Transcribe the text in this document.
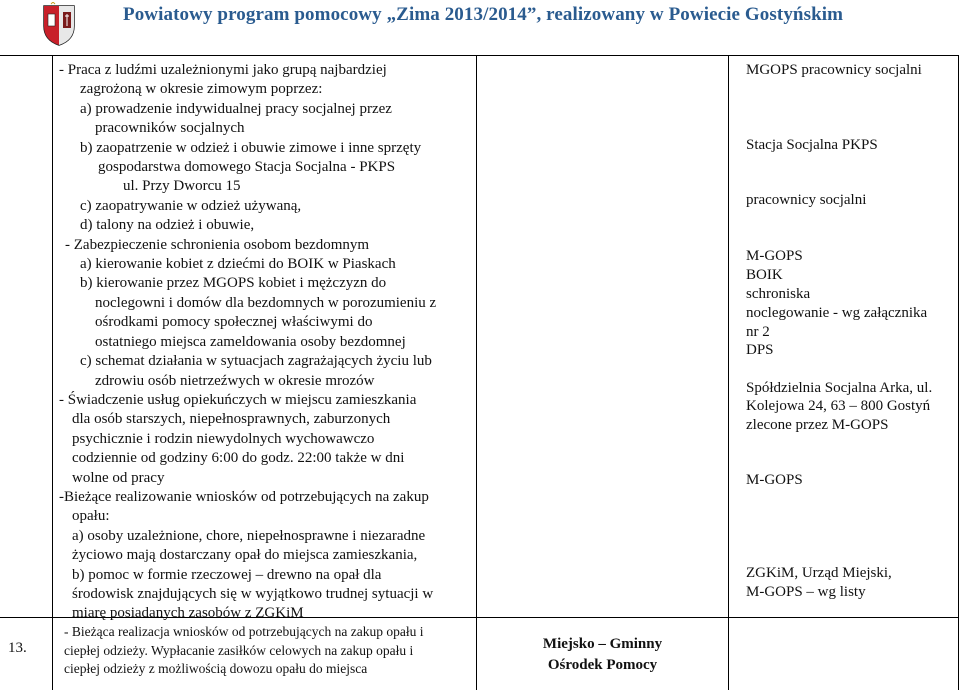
Powiatowy program pomocowy „Zima 2013/2014”, realizowany w Powiecie Gostyńskim

- Praca z ludźmi uzależnionymi jako grupą najbardziej

zagrożoną w okresie zimowym poprzez:

a) prowadzenie indywidualnej pracy socjalnej przez

pracowników socjalnych

b) zaopatrzenie w odzież i obuwie zimowe i inne sprzęty

gospodarstwa domowego Stacja Socjalna - PKPS

ul. Przy Dworcu 15

c) zaopatrywanie w odzież używaną,

d) talony na odzież i obuwie,

- Zabezpieczenie schronienia osobom bezdomnym

a) kierowanie kobiet z dziećmi do BOIK w Piaskach

b) kierowanie przez MGOPS kobiet i mężczyzn do

noclegowni i domów dla bezdomnych w porozumieniu z

ośrodkami pomocy społecznej właściwymi do

ostatniego miejsca zameldowania osoby bezdomnej

c) schemat działania w sytuacjach zagrażających życiu lub

zdrowiu osób nietrzeźwych w okresie mrozów

- Świadczenie usług opiekuńczych w miejscu zamieszkania

dla osób starszych, niepełnosprawnych, zaburzonych

psychicznie i rodzin niewydolnych wychowawczo

codziennie od godziny 6:00 do godz. 22:00 także w dni

wolne od pracy

-Bieżące realizowanie wniosków od potrzebujących na zakup

opału:

a) osoby uzależnione, chore, niepełnosprawne i niezaradne

życiowo mają dostarczany opał do miejsca zamieszkania,

b) pomoc w formie rzeczowej – drewno na opał dla

środowisk znajdujących się w wyjątkowo trudnej sytuacji w

miarę posiadanych zasobów z ZGKiM

MGOPS pracownicy socjalni
Stacja Socjalna PKPS
pracownicy socjalni
M-GOPS
BOIK
schroniska
noclegowanie - wg załącznika
nr 2
DPS
Spółdzielnia Socjalna Arka, ul.
Kolejowa 24, 63 – 800 Gostyń
zlecone przez M-GOPS
M-GOPS
ZGKiM, Urząd Miejski,
M-GOPS – wg listy
13.
- Bieżąca realizacja wniosków od potrzebujących na zakup opału i
ciepłej odzieży. Wypłacanie zasiłków celowych na zakup opału i
ciepłej odzieży z możliwością dowozu opału do miejsca
Miejsko – Gminny
Ośrodek Pomocy
